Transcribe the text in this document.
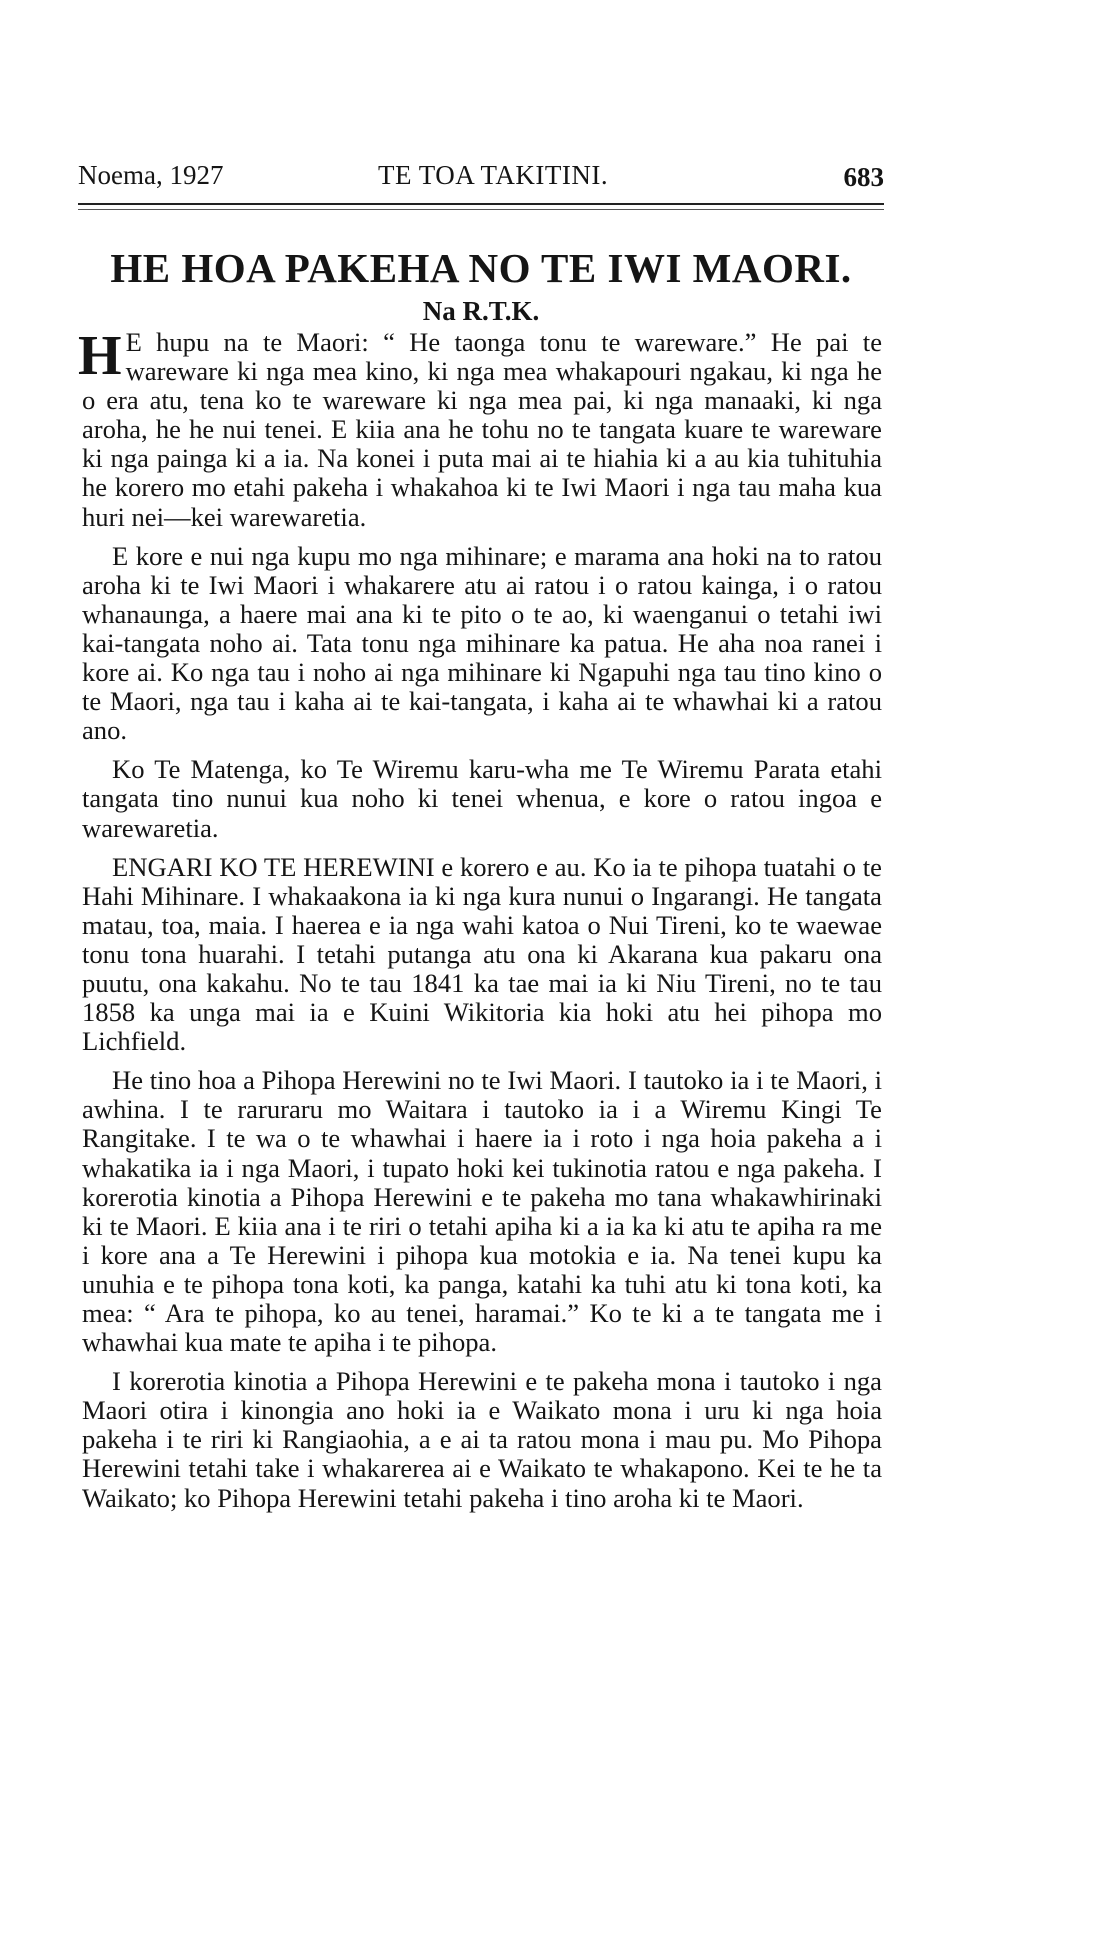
Noema, 1927	TE TOA TAKITINI.	683
HE HOA PAKEHA NO TE IWI MAORI.
Na R.T.K.

H E hupu na te Maori: “ He taonga tonu te wareware.” He pai te wareware ki nga mea kino, ki nga mea whakapouri ngakau, ki nga he o era atu, tena ko te wareware ki nga mea pai, ki nga manaaki, ki nga aroha, he he nui tenei. E kiia ana he tohu no te tangata kuare te wareware ki nga painga ki a ia. Na konei i puta mai ai te hiahia ki a au kia tuhituhia he korero mo etahi pakeha i whakahoa ki te Iwi Maori i nga tau maha kua huri nei—kei warewaretia.

E kore e nui nga kupu mo nga mihinare; e marama ana hoki na to ratou aroha ki te Iwi Maori i whakarere atu ai ratou i o ratou kainga, i o ratou whanaunga, a haere mai ana ki te pito o te ao, ki waenganui o tetahi iwi kai-tangata noho ai. Tata tonu nga mihinare ka patua. He aha noa ranei i kore ai. Ko nga tau i noho ai nga mihinare ki Ngapuhi nga tau tino kino o te Maori, nga tau i kaha ai te kai-tangata, i kaha ai te whawhai ki a ratou ano.

Ko Te Matenga, ko Te Wiremu karu-wha me Te Wiremu Parata etahi tangata tino nunui kua noho ki tenei whenua, e kore o ratou ingoa e warewaretia.

ENGARI KO TE HEREWINI e korero e au. Ko ia te pihopa tuatahi o te Hahi Mihinare. I whakaakona ia ki nga kura nunui o Ingarangi. He tangata matau, toa, maia. I haerea e ia nga wahi katoa o Nui Tireni, ko te waewae tonu tona huarahi. I tetahi putanga atu ona ki Akarana kua pakaru ona puutu, ona kakahu. No te tau 1841 ka tae mai ia ki Niu Tireni, no te tau 1858 ka unga mai ia e Kuini Wikitoria kia hoki atu hei pihopa mo Lichfield.

He tino hoa a Pihopa Herewini no te Iwi Maori. I tautoko ia i te Maori, i awhina. I te raruraru mo Waitara i tautoko ia i a Wiremu Kingi Te Rangitake. I te wa o te whawhai i haere ia i roto i nga hoia pakeha a i whakatika ia i nga Maori, i tupato hoki kei tukinotia ratou e nga pakeha. I korerotia kinotia a Pihopa Herewini e te pakeha mo tana whakawhirinaki ki te Maori. E kiia ana i te riri o tetahi apiha ki a ia ka ki atu te apiha ra me i kore ana a Te Herewini i pihopa kua motokia e ia. Na tenei kupu ka unuhia e te pihopa tona koti, ka panga, katahi ka tuhi atu ki tona koti, ka mea: “ Ara te pihopa, ko au tenei, haramai.” Ko te ki a te tangata me i whawhai kua mate te apiha i te pihopa.

I korerotia kinotia a Pihopa Herewini e te pakeha mona i tautoko i nga Maori otira i kinongia ano hoki ia e Waikato mona i uru ki nga hoia pakeha i te riri ki Rangiaohia, a e ai ta ratou mona i mau pu. Mo Pihopa Herewini tetahi take i whakarerea ai e Waikato te whakapono. Kei te he ta Waikato; ko Pihopa Herewini tetahi pakeha i tino aroha ki te Maori.
